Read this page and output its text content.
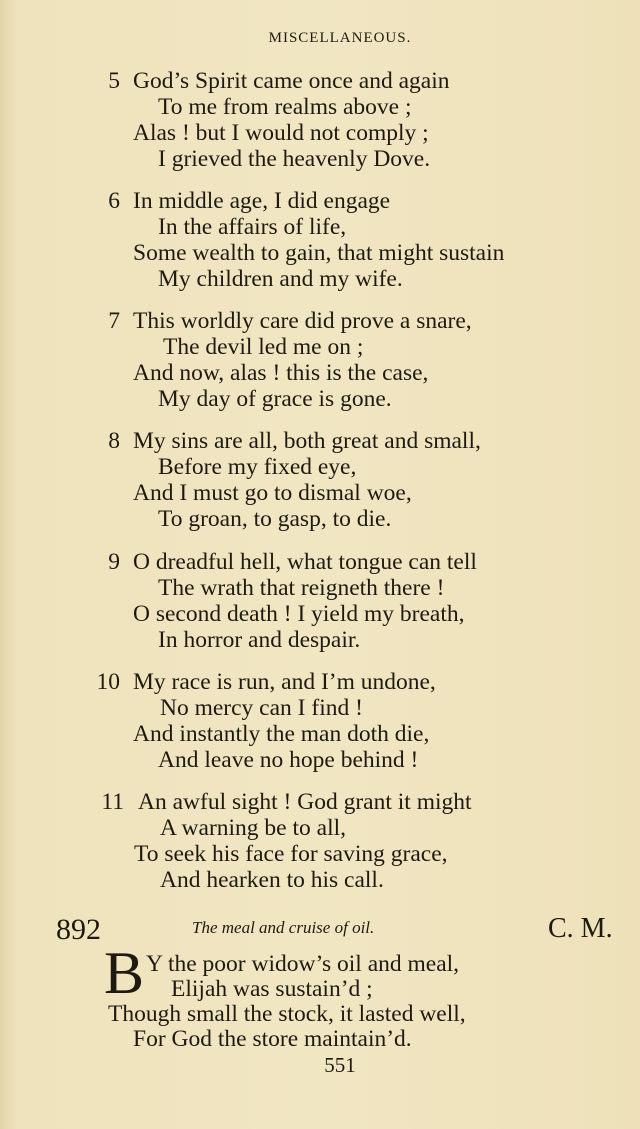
MISCELLANEOUS.
5 God’s Spirit came once and again
To me from realms above ;
Alas ! but I would not comply ;
I grieved the heavenly Dove.
6 In middle age, I did engage
In the affairs of life,
Some wealth to gain, that might sustain
My children and my wife.
7 This worldly care did prove a snare,
The devil led me on ;
And now, alas ! this is the case,
My day of grace is gone.
8 My sins are all, both great and small,
Before my fixed eye,
And I must go to dismal woe,
To groan, to gasp, to die.
9 O dreadful hell, what tongue can tell
The wrath that reigneth there !
O second death ! I yield my breath,
In horror and despair.
10 My race is run, and I’m undone,
No mercy can I find !
And instantly the man doth die,
And leave no hope behind !
11 An awful sight ! God grant it might
A warning be to all,
To seek his face for saving grace,
And hearken to his call.
892	The meal and cruise of oil.	C. M.
B Y the poor widow’s oil and meal,
Elijah was sustain’d ;
Though small the stock, it lasted well,
For God the store maintain’d.
551
